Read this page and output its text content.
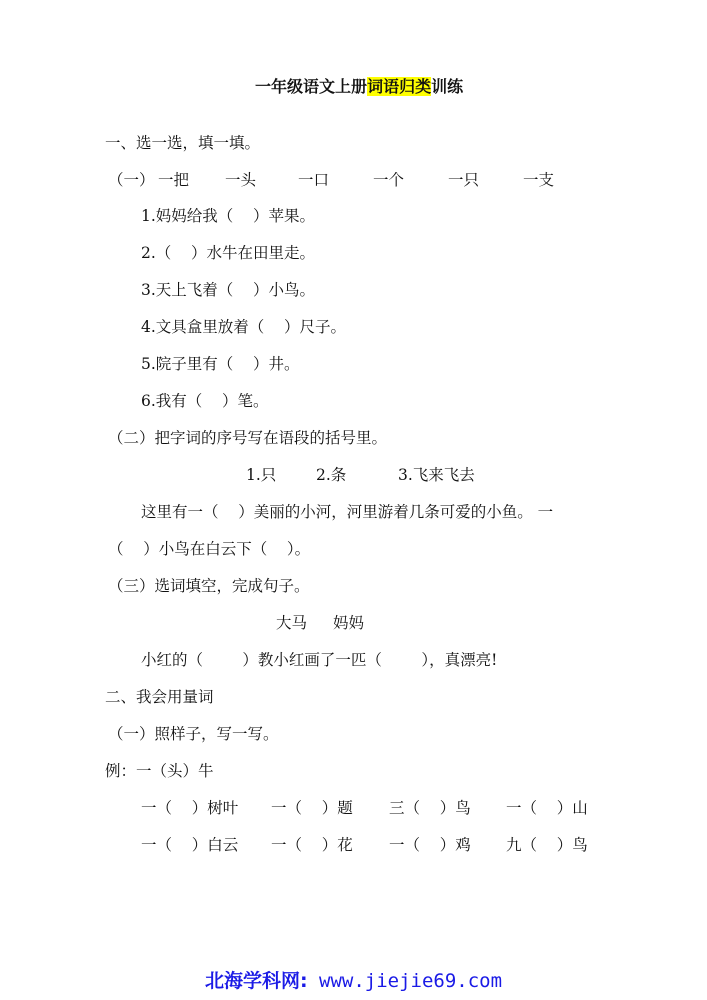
一年级语文上册词语归类训练

一、选一选，填一填。
（一） 一把 一头	一口	一个	一只	一支
1.妈妈给我（    ）苹果。
2.（    ）水牛在田里走。
3.天上飞着（    ）小鸟。
4.文具盒里放着（    ）尺子。
5.院子里有（    ）井。
6.我有（    ）笔。
（二）把字词的序号写在语段的括号里。
1.只	2.条	3.飞来飞去
这里有一（    ）美丽的小河，河里游着几条可爱的小鱼。 一
（    ）小鸟在白云下（    ）。
（三）选词填空，完成句子。
大马 妈妈
小红的（        ）教小红画了一匹（        ），真漂亮!
二、我会用量词
（一）照样子，写一写。
例：一（头）牛
一（    ）树叶 一（    ）题 三（    ）鸟 一（    ）山
一（    ）白云 一（    ）花 一（    ）鸡 九（    ）鸟
北海学科网: www.jiejie69.com
